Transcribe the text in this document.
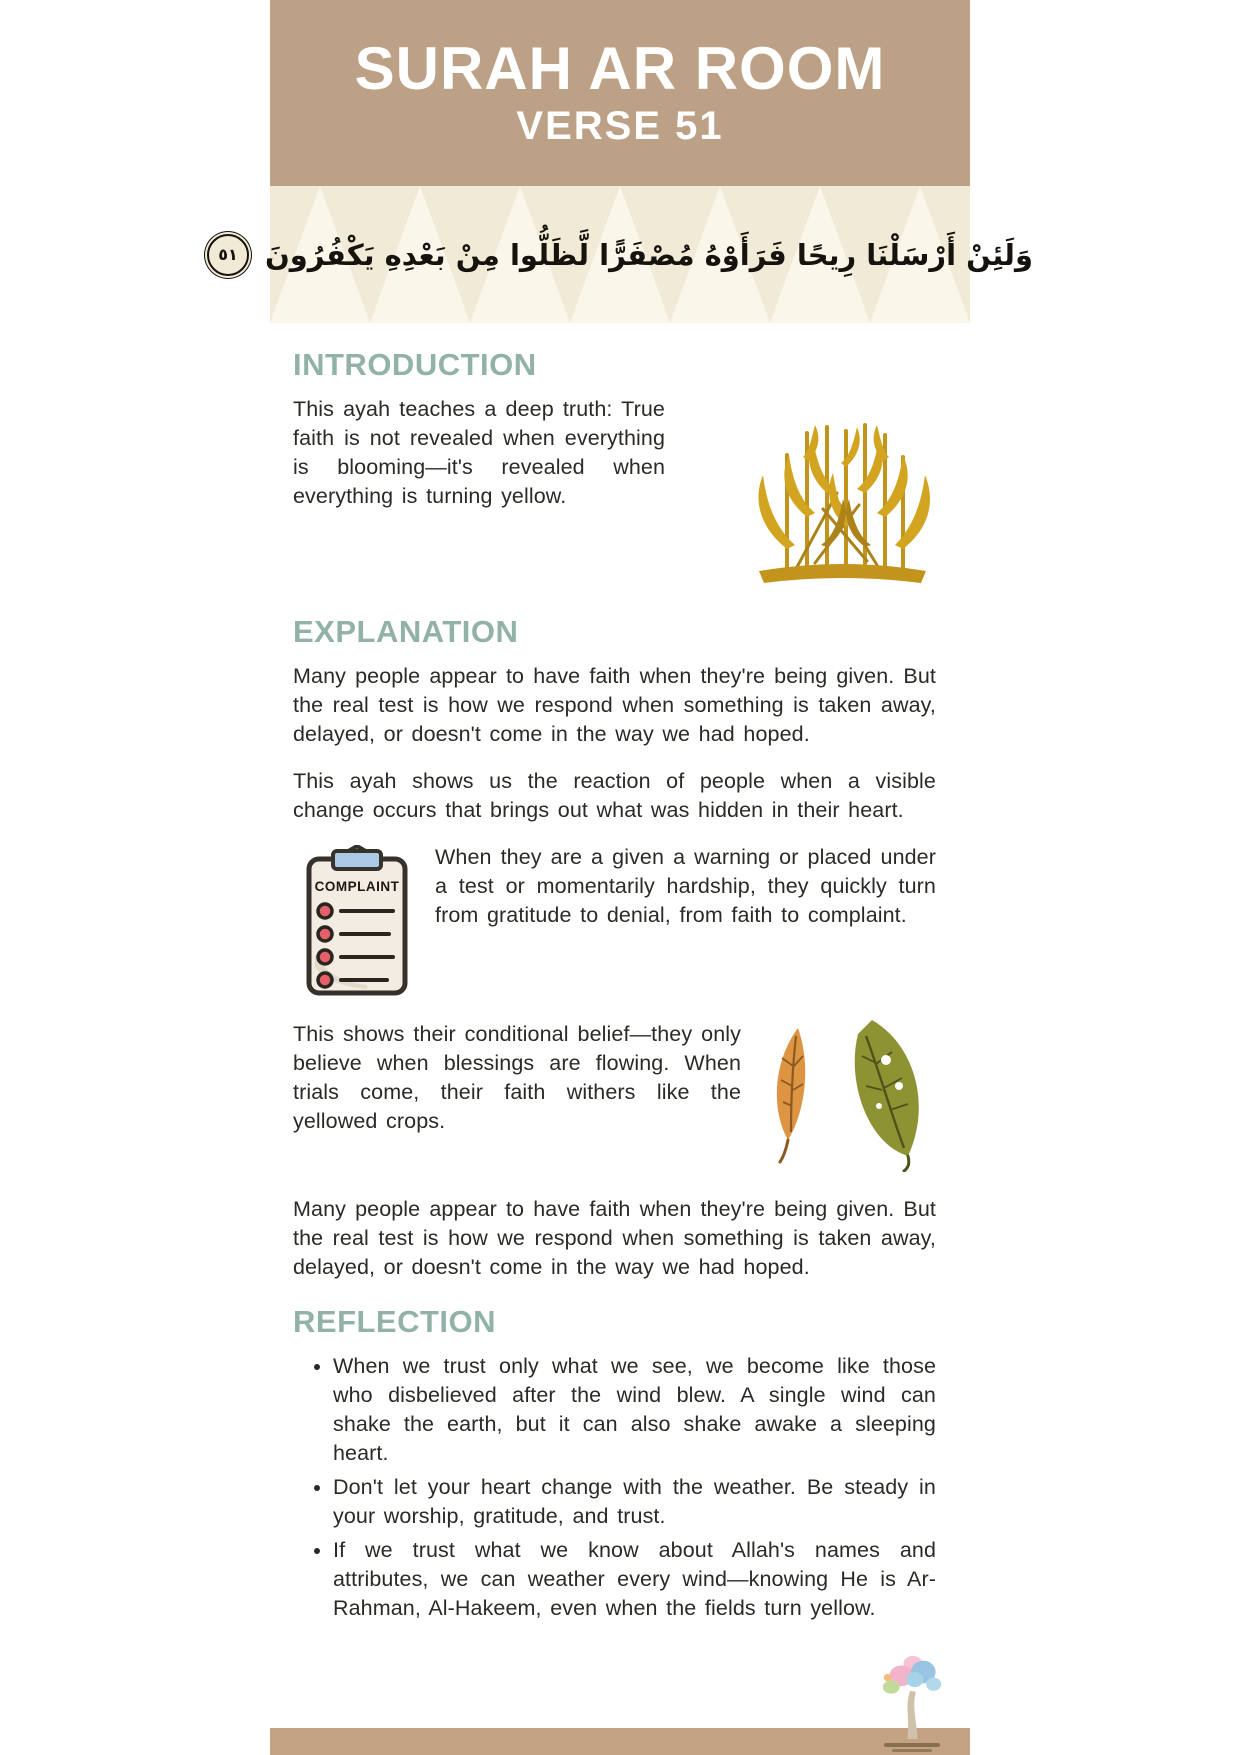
SURAH AR ROOM
VERSE 51
وَلَئِنْ أَرْسَلْنَا رِيحًا فَرَأَوْهُ مُصْفَرًّا لَّظَلُّوا مِنْ بَعْدِهِ يَكْفُرُونَ
٥١
INTRODUCTION

This ayah teaches a deep truth: True faith is not revealed when everything is blooming—it's revealed when everything is turning yellow.

EXPLANATION

Many people appear to have faith when they're being given. But the real test is how we respond when something is taken away, delayed, or doesn't come in the way we had hoped.

This ayah shows us the reaction of people when a visible change occurs that brings out what was hidden in their heart.

COMPLAINT

When they are a given a warning or placed under a test or momentarily hardship, they quickly turn from gratitude to denial, from faith to complaint.

This shows their conditional belief—they only believe when blessings are flowing. When trials come, their faith withers like the yellowed crops.

Many people appear to have faith when they're being given. But the real test is how we respond when something is taken away, delayed, or doesn't come in the way we had hoped.

REFLECTION
• When we trust only what we see, we become like those who disbelieved after the wind blew. A single wind can shake the earth, but it can also shake awake a sleeping heart.
• Don't let your heart change with the weather. Be steady in your worship, gratitude, and trust.
• If we trust what we know about Allah's names and attributes, we can weather every wind—knowing He is Ar-Rahman, Al-Hakeem, even when the fields turn yellow.
